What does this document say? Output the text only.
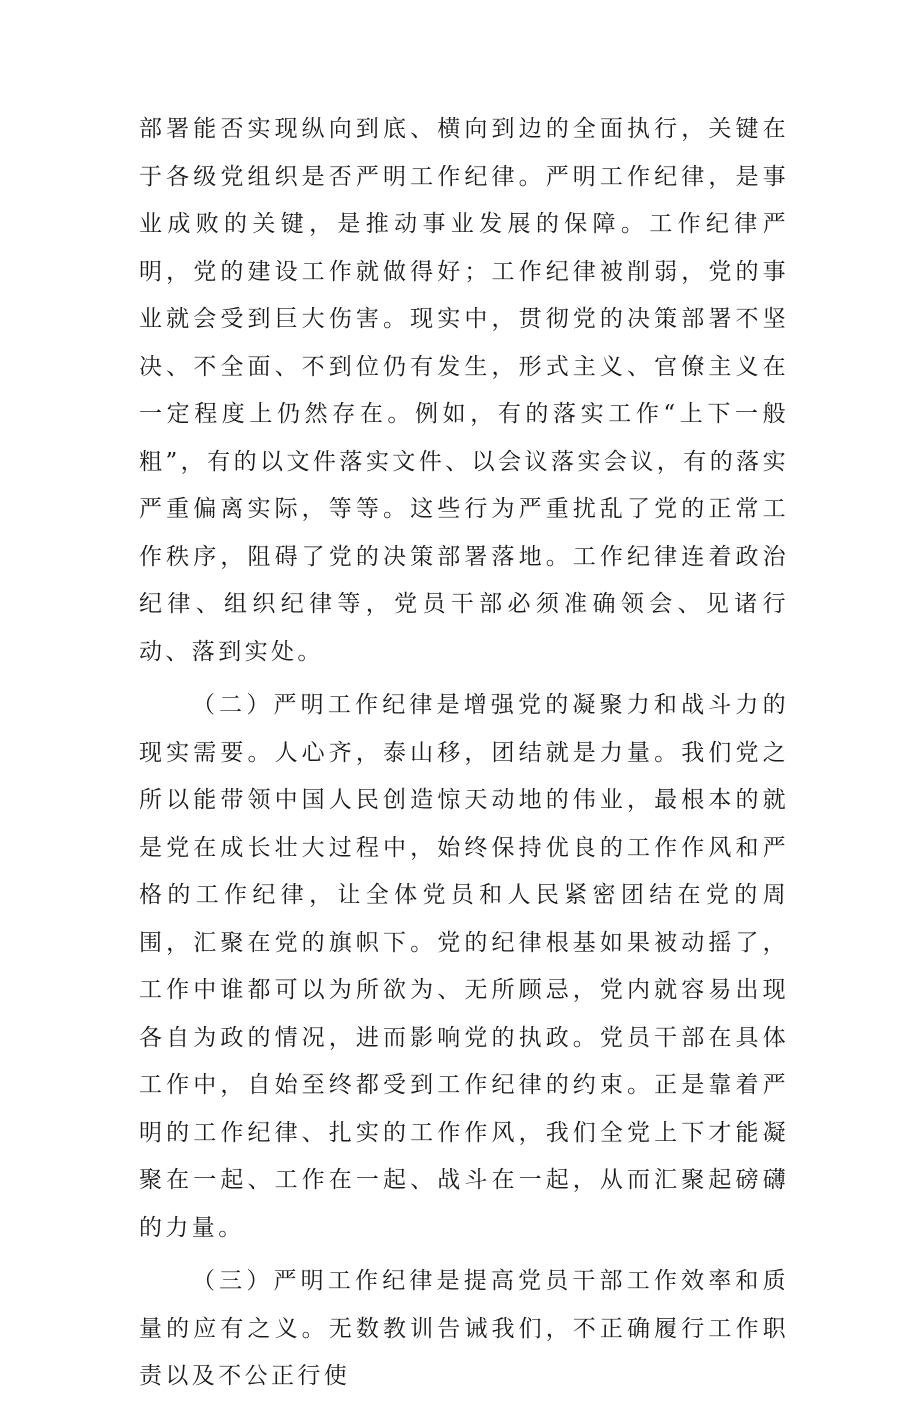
部署能否实现纵向到底、横向到边的全面执行，关键在于各级党组织是否严明工作纪律。严明工作纪律，是事业成败的关键，是推动事业发展的保障。工作纪律严明，党的建设工作就做得好；工作纪律被削弱，党的事业就会受到巨大伤害。现实中，贯彻党的决策部署不坚决、不全面、不到位仍有发生，形式主义、官僚主义在一定程度上仍然存在。例如，有的落实工作“上下一般粗”，有的以文件落实文件、以会议落实会议，有的落实严重偏离实际，等等。这些行为严重扰乱了党的正常工作秩序，阻碍了党的决策部署落地。工作纪律连着政治纪律、组织纪律等，党员干部必须准确领会、见诸行动、落到实处。

（二）严明工作纪律是增强党的凝聚力和战斗力的现实需要。人心齐，泰山移，团结就是力量。我们党之所以能带领中国人民创造惊天动地的伟业，最根本的就是党在成长壮大过程中，始终保持优良的工作作风和严格的工作纪律，让全体党员和人民紧密团结在党的周围，汇聚在党的旗帜下。党的纪律根基如果被动摇了，工作中谁都可以为所欲为、无所顾忌，党内就容易出现各自为政的情况，进而影响党的执政。党员干部在具体工作中，自始至终都受到工作纪律的约束。正是靠着严明的工作纪律、扎实的工作作风，我们全党上下才能凝聚在一起、工作在一起、战斗在一起，从而汇聚起磅礴的力量。

（三）严明工作纪律是提高党员干部工作效率和质量的应有之义。无数教训告诫我们，不正确履行工作职责以及不公正行使
